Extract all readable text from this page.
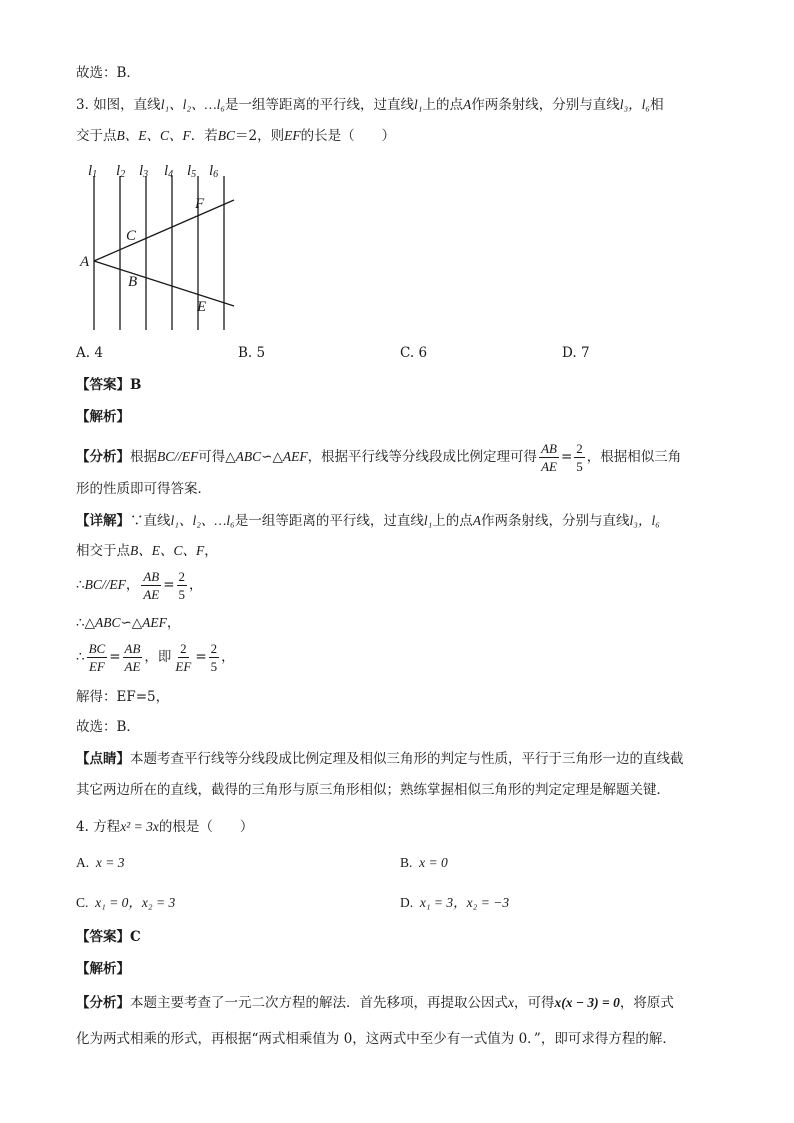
故选：B．
3. 如图，直线l₁、l₂、…l₆是一组等距离的平行线，过直线l₁上的点A作两条射线，分别与直线l₃，l₆相
交于点B、E、C、F．若BC＝2，则EF的长是（　　）
l1 l2 l3 l4 l5 l6
A
C
B
F
E
A. 4	B. 5	C. 6	D. 7
【答案】B
【解析】
【分析】根据BC//EF可得△ABC∽△AEF，根据平行线等分线段成比例定理可得 $\frac{AB}{AE} = \frac{2}{5}$ ，根据相似三角
形的性质即可得答案．
【详解】∵直线l₁、l₂、…l₆是一组等距离的平行线，过直线l₁上的点A作两条射线，分别与直线l₃，l₆
相交于点B、E、C、F，
∴BC//EF， $\frac{AB}{AE} = \frac{2}{5}$ ，
∴△ABC∽△AEF，
∴ $\frac{BC}{EF} = \frac{AB}{AE}$ ，即 $\frac{2}{EF} = \frac{2}{5}$ ，
解得：EF=5，
故选：B．
【点睛】本题考查平行线等分线段成比例定理及相似三角形的判定与性质，平行于三角形一边的直线截
其它两边所在的直线，截得的三角形与原三角形相似；熟练掌握相似三角形的判定定理是解题关键．
4. 方程x² = 3x的根是（　　）
A. x = 3	B. x = 0
C. x₁ = 0，x₂ = 3	D. x₁ = 3，x₂ = −3
【答案】C
【解析】
【分析】本题主要考查了一元二次方程的解法．首先移项，再提取公因式x，可得x(x − 3) = 0，将原式
化为两式相乘的形式，再根据“两式相乘值为 0，这两式中至少有一式值为 0．”，即可求得方程的解．
